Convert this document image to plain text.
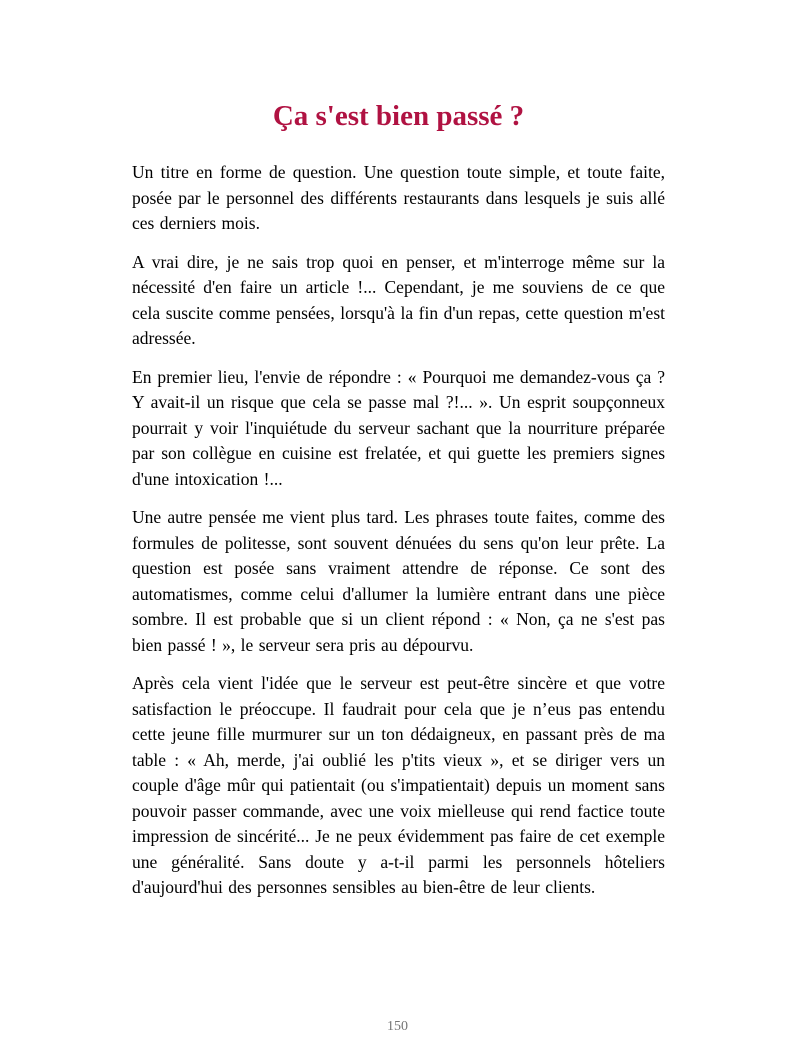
Ça s'est bien passé ?

Un titre en forme de question. Une question toute simple, et toute faite, posée par le personnel des différents restaurants dans lesquels je suis allé ces derniers mois.

A vrai dire, je ne sais trop quoi en penser, et m'interroge même sur la nécessité d'en faire un article !... Cependant, je me souviens de ce que cela suscite comme pensées, lorsqu'à la fin d'un repas, cette question m'est adressée.

En premier lieu, l'envie de répondre : « Pourquoi me demandez-vous ça ? Y avait-il un risque que cela se passe mal ?!... ». Un esprit soupçonneux pourrait y voir l'inquiétude du serveur sachant que la nourriture préparée par son collègue en cuisine est frelatée, et qui guette les premiers signes d'une intoxication !...

Une autre pensée me vient plus tard. Les phrases toute faites, comme des formules de politesse, sont souvent dénuées du sens qu'on leur prête. La question est posée sans vraiment attendre de réponse. Ce sont des automatismes, comme celui d'allumer la lumière entrant dans une pièce sombre. Il est probable que si un client répond : « Non, ça ne s'est pas bien passé ! », le serveur sera pris au dépourvu.

Après cela vient l'idée que le serveur est peut-être sincère et que votre satisfaction le préoccupe. Il faudrait pour cela que je n’eus pas entendu cette jeune fille murmurer sur un ton dédaigneux, en passant près de ma table : « Ah, merde, j'ai oublié les p'tits vieux », et se diriger vers un couple d'âge mûr qui patientait (ou s'impatientait) depuis un moment sans pouvoir passer commande, avec une voix mielleuse qui rend factice toute impression de sincérité... Je ne peux évidemment pas faire de cet exemple une généralité. Sans doute y a-t-il parmi les personnels hôteliers d'aujourd'hui des personnes sensibles au bien-être de leur clients.

150
